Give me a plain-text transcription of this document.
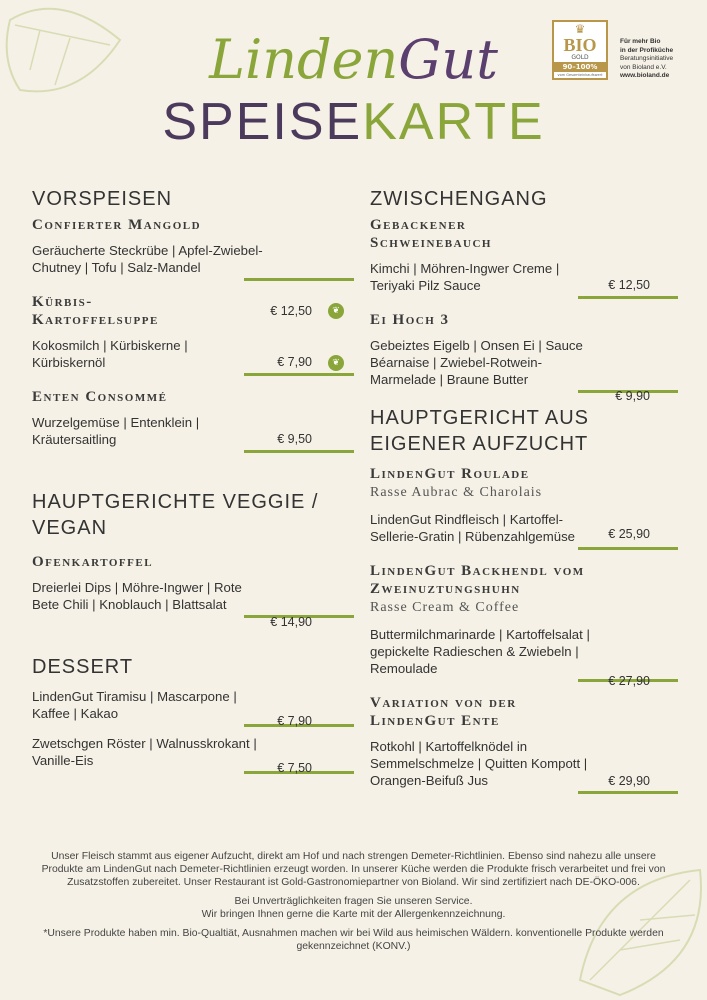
LindenGut
SPEISEKARTE
♛
BIO
GOLD
90–100%
vom Gesamteinkaufswert
Für mehr Bio
in der Profiküche
Beratungsinitiative
von Bioland e.V.
www.bioland.de
VORSPEISEN
Confierter Mangold
Geräucherte Steckrübe | Apfel-Zwiebel-Chutney | Tofu | Salz-Mandel
€ 12,50	❦
Kürbis-Kartoffelsuppe
Kokosmilch | Kürbiskerne | Kürbiskernöl	€ 7,90	❦
Enten Consommé
Wurzelgemüse | Entenklein | Kräutersaitling	€ 9,50
HAUPTGERICHTE VEGGIE / VEGAN
Ofenkartoffel
Dreierlei Dips | Möhre-Ingwer | Rote Bete Chili | Knoblauch | Blattsalat
€ 14,90
DESSERT
LindenGut Tiramisu | Mascarpone | Kaffee | Kakao	€ 7,90
Zwetschgen Röster | Walnusskrokant | Vanille-Eis	€ 7,50
ZWISCHENGANG
Gebackener Schweinebauch
Kimchi | Möhren-Ingwer Creme | Teriyaki Pilz Sauce	€ 12,50
Ei Hoch 3
Gebeiztes Eigelb | Onsen Ei | Sauce Béarnaise | Zwiebel-Rotwein-Marmelade | Braune Butter
€ 9,90
HAUPTGERICHT AUS EIGENER AUFZUCHT
LindenGut Roulade
Rasse Aubrac & Charolais
LindenGut Rindfleisch | Kartoffel-Sellerie-Gratin | Rübenzahlgemüse	€ 25,90
LindenGut Backhendl vom Zweinuztungshuhn
Rasse Cream & Coffee
Buttermilchmarinarde | Kartoffelsalat | gepickelte Radieschen & Zwiebeln | Remoulade
€ 27,90
Variation von der LindenGut Ente
Rotkohl | Kartoffelknödel in Semmelschmelze | Quitten Kompott | Orangen-Beifuß Jus	€ 29,90

Unser Fleisch stammt aus eigener Aufzucht, direkt am Hof und nach strengen Demeter-Richtlinien. Ebenso sind nahezu alle unsere Produkte am LindenGut nach Demeter-Richtlinien erzeugt worden. In unserer Küche werden die Produkte frisch verarbeitet und frei von Zusatzstoffen zubereitet. Unser Restaurant ist Gold-Gastronomiepartner von Bioland. Wir sind zertifiziert nach DE-ÖKO-006.

Bei Unverträglichkeiten fragen Sie unseren Service.

Wir bringen Ihnen gerne die Karte mit der Allergenkennzeichnung.

*Unsere Produkte haben min. Bio-Qualtiät, Ausnahmen machen wir bei Wild aus heimischen Wäldern. konventionelle Produkte werden gekennzeichnet (KONV.)
